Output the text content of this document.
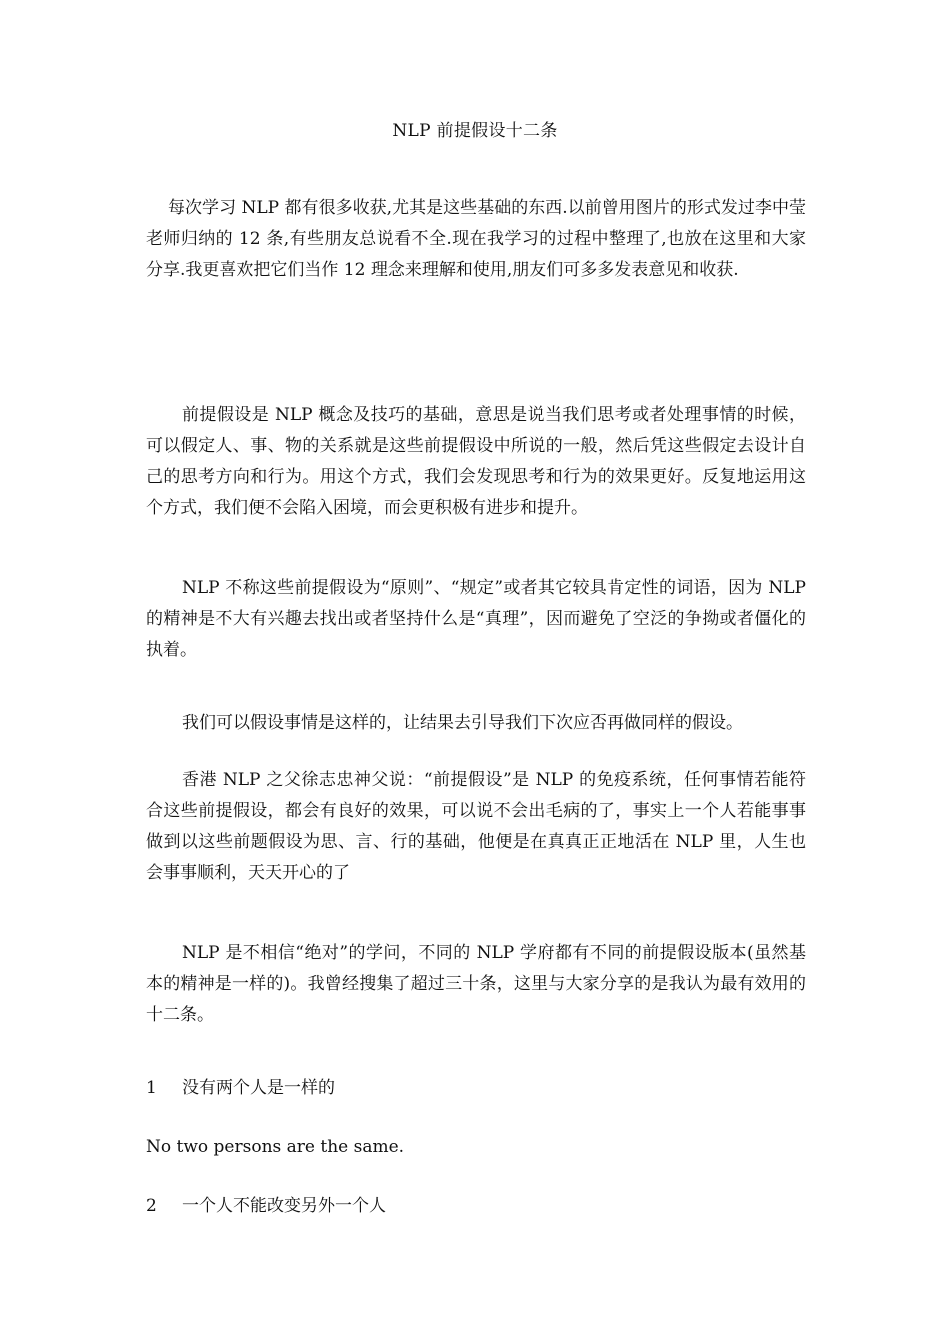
NLP 前提假设十二条

每次学习 NLP 都有很多收获,尤其是这些基础的东西.以前曾用图片的形式发过李中莹老师归纳的 12 条,有些朋友总说看不全.现在我学习的过程中整理了,也放在这里和大家分享.我更喜欢把它们当作 12 理念来理解和使用,朋友们可多多发表意见和收获.

前提假设是 NLP 概念及技巧的基础，意思是说当我们思考或者处理事情的时候，可以假定人、事、物的关系就是这些前提假设中所说的一般，然后凭这些假定去设计自己的思考方向和行为。用这个方式，我们会发现思考和行为的效果更好。反复地运用这个方式，我们便不会陷入困境，而会更积极有进步和提升。

NLP 不称这些前提假设为“原则”、“规定”或者其它较具肯定性的词语，因为 NLP 的精神是不大有兴趣去找出或者坚持什么是“真理”，因而避免了空泛的争拗或者僵化的执着。

我们可以假设事情是这样的，让结果去引导我们下次应否再做同样的假设。

香港 NLP 之父徐志忠神父说：“前提假设”是 NLP 的免疫系统，任何事情若能符合这些前提假设，都会有良好的效果，可以说不会出毛病的了，事实上一个人若能事事做到以这些前题假设为思、言、行的基础，他便是在真真正正地活在 NLP 里，人生也会事事顺利，天天开心的了

NLP 是不相信“绝对”的学问，不同的 NLP 学府都有不同的前提假设版本(虽然基本的精神是一样的)。我曾经搜集了超过三十条，这里与大家分享的是我认为最有效用的十二条。

1 没有两个人是一样的
No two persons are the same.
2 一个人不能改变另外一个人
